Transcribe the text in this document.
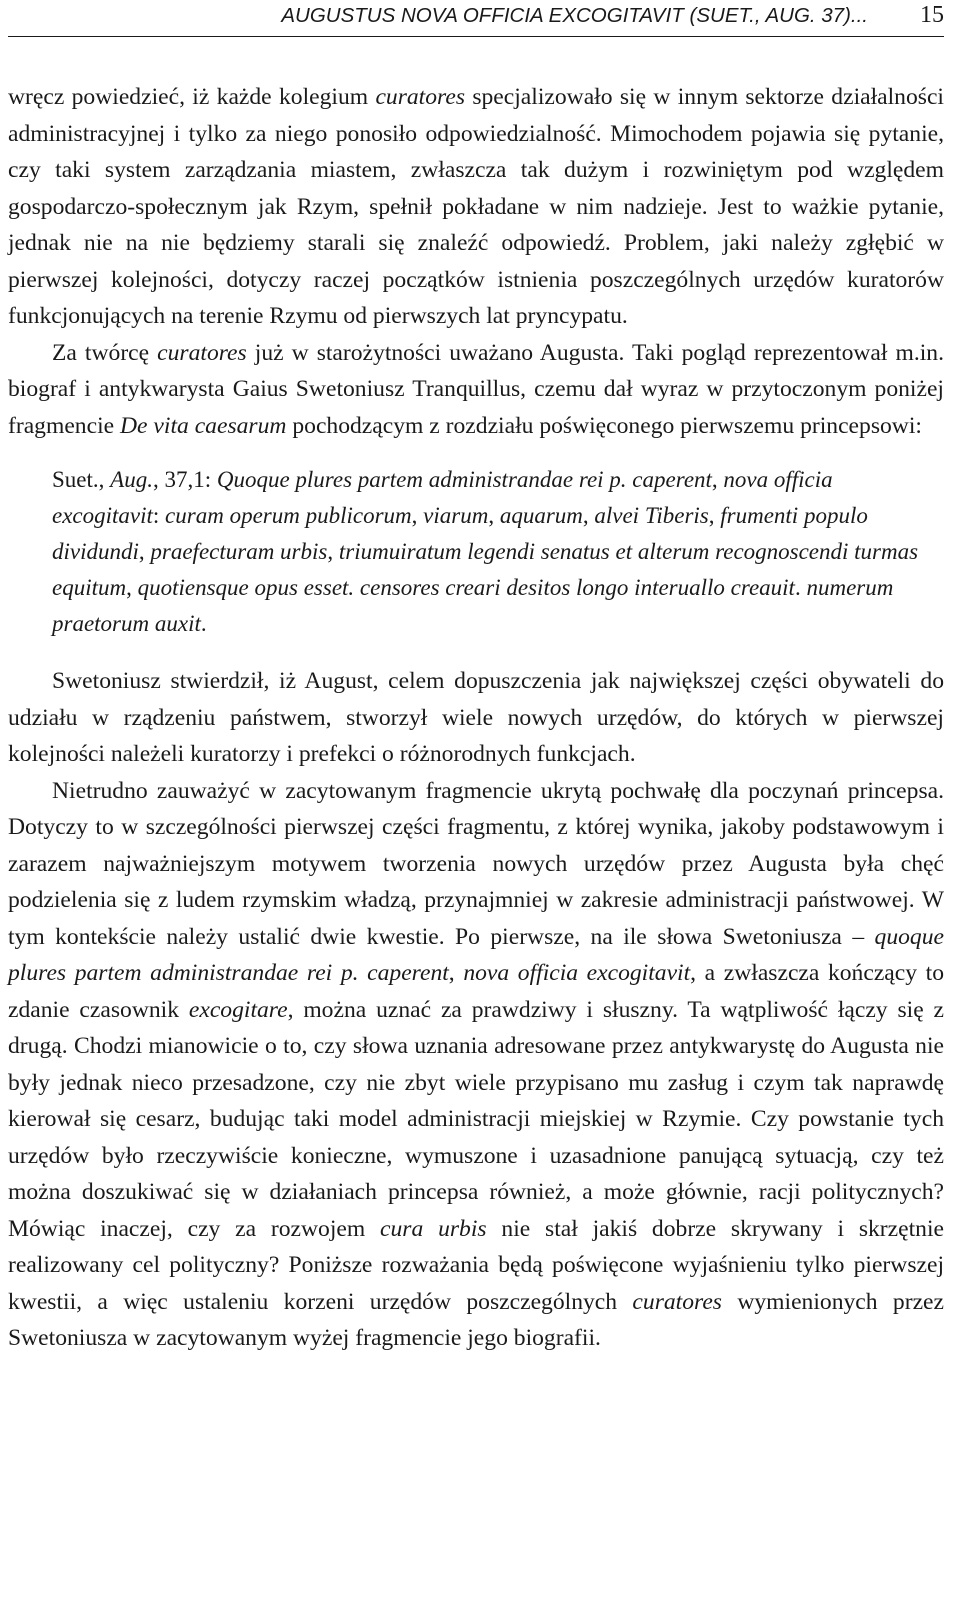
AUGUSTUS NOVA OFFICIA EXCOGITAVIT (SUET., AUG. 37)... 15

wręcz powiedzieć, iż każde kolegium curatores specjalizowało się w innym sektorze działalności administracyjnej i tylko za niego ponosiło odpowiedzialność. Mimochodem pojawia się pytanie, czy taki system zarządzania miastem, zwłaszcza tak dużym i rozwiniętym pod względem gospodarczo-społecznym jak Rzym, spełnił pokładane w nim nadzieje. Jest to ważkie pytanie, jednak nie na nie będziemy starali się znaleźć odpowiedź. Problem, jaki należy zgłębić w pierwszej kolejności, dotyczy raczej początków istnienia poszczególnych urzędów kuratorów funkcjonujących na terenie Rzymu od pierwszych lat pryncypatu.

Za twórcę curatores już w starożytności uważano Augusta. Taki pogląd reprezentował m.in. biograf i antykwarysta Gaius Swetoniusz Tranquillus, czemu dał wyraz w przytoczonym poniżej fragmencie De vita caesarum pochodzącym z rozdziału poświęconego pierwszemu princepsowi:

Suet., Aug., 37,1: Quoque plures partem administrandae rei p. caperent, nova officia excogitavit: curam operum publicorum, viarum, aquarum, alvei Tiberis, frumenti populo dividundi, praefecturam urbis, triumuiratum legendi senatus et alterum recognoscendi turmas equitum, quotiensque opus esset. censores creari desitos longo interuallo creauit. numerum praetorum auxit.

Swetoniusz stwierdził, iż August, celem dopuszczenia jak największej części obywateli do udziału w rządzeniu państwem, stworzył wiele nowych urzędów, do których w pierwszej kolejności należeli kuratorzy i prefekci o różnorodnych funkcjach.

Nietrudno zauważyć w zacytowanym fragmencie ukrytą pochwałę dla poczynań princepsa. Dotyczy to w szczególności pierwszej części fragmentu, z której wynika, jakoby podstawowym i zarazem najważniejszym motywem tworzenia nowych urzędów przez Augusta była chęć podzielenia się z ludem rzymskim władzą, przynajmniej w zakresie administracji państwowej. W tym kontekście należy ustalić dwie kwestie. Po pierwsze, na ile słowa Swetoniusza – quoque plures partem administrandae rei p. caperent, nova officia excogitavit, a zwłaszcza kończący to zdanie czasownik excogitare, można uznać za prawdziwy i słuszny. Ta wątpliwość łączy się z drugą. Chodzi mianowicie o to, czy słowa uznania adresowane przez antykwarystę do Augusta nie były jednak nieco przesadzone, czy nie zbyt wiele przypisano mu zasług i czym tak naprawdę kierował się cesarz, budując taki model administracji miejskiej w Rzymie. Czy powstanie tych urzędów było rzeczywiście konieczne, wymuszone i uzasadnione panującą sytuacją, czy też można doszukiwać się w działaniach princepsa również, a może głównie, racji politycznych? Mówiąc inaczej, czy za rozwojem cura urbis nie stał jakiś dobrze skrywany i skrzętnie realizowany cel polityczny? Poniższe rozważania będą poświęcone wyjaśnieniu tylko pierwszej kwestii, a więc ustaleniu korzeni urzędów poszczególnych curatores wymienionych przez Swetoniusza w zacytowanym wyżej fragmencie jego biografii.
